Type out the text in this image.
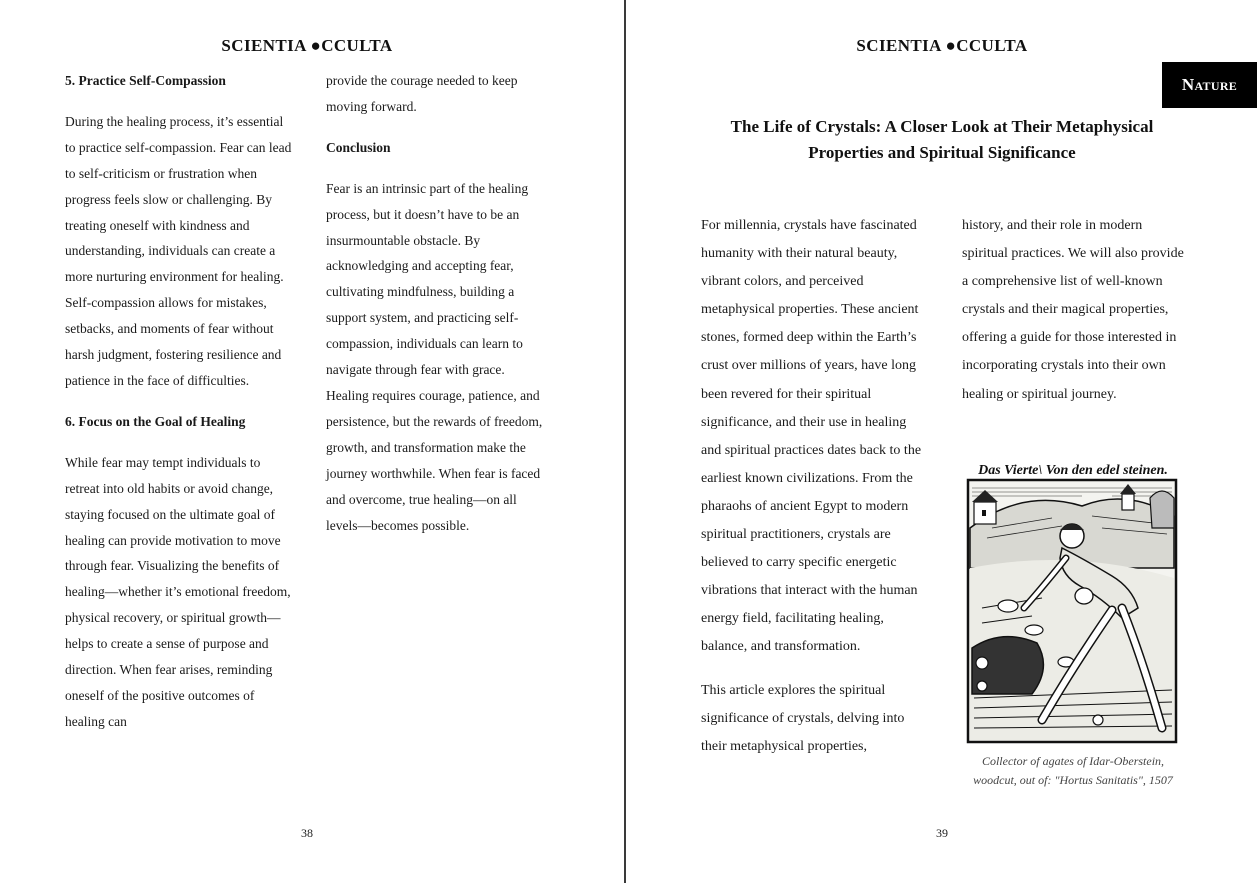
SCIENTIA ●CCULTA
5. Practice Self-Compassion

During the healing process, it’s essential to practice self-compassion. Fear can lead to self-criticism or frustration when progress feels slow or challenging. By treating oneself with kindness and understanding, individuals can create a more nurturing environment for healing. Self-compassion allows for mistakes, setbacks, and moments of fear without harsh judgment, fostering resilience and patience in the face of difficulties.

6. Focus on the Goal of Healing

While fear may tempt individuals to retreat into old habits or avoid change, staying focused on the ultimate goal of healing can provide motivation to move through fear. Visualizing the benefits of healing—whether it’s emotional freedom, physical recovery, or spiritual growth—helps to create a sense of purpose and direction. When fear arises, reminding oneself of the positive outcomes of healing can

provide the courage needed to keep moving forward.

Conclusion

Fear is an intrinsic part of the healing process, but it doesn’t have to be an insurmountable obstacle. By acknowledging and accepting fear, cultivating mindfulness, building a support system, and practicing self-compassion, individuals can learn to navigate through fear with grace. Healing requires courage, patience, and persistence, but the rewards of freedom, growth, and transformation make the journey worthwhile. When fear is faced and overcome, true healing—on all levels—becomes possible.

38
SCIENTIA ●CCULTA
Nature
The Life of Crystals: A Closer Look at Their Metaphysical Properties and Spiritual Significance

For millennia, crystals have fascinated humanity with their natural beauty, vibrant colors, and perceived metaphysical properties. These ancient stones, formed deep within the Earth’s crust over millions of years, have long been revered for their spiritual significance, and their use in healing and spiritual practices dates back to the earliest known civilizations. From the pharaohs of ancient Egypt to modern spiritual practitioners, crystals are believed to carry specific energetic vibrations that interact with the human energy field, facilitating healing, balance, and transformation.

This article explores the spiritual significance of crystals, delving into their metaphysical properties,

history, and their role in modern spiritual practices. We will also provide a comprehensive list of well-known crystals and their magical properties, offering a guide for those interested in incorporating crystals into their own healing or spiritual journey.

Das Vierte\ Von den edel steinen.
Collector of agates of Idar-Oberstein, woodcut, out of: "Hortus Sanitatis", 1507
39
